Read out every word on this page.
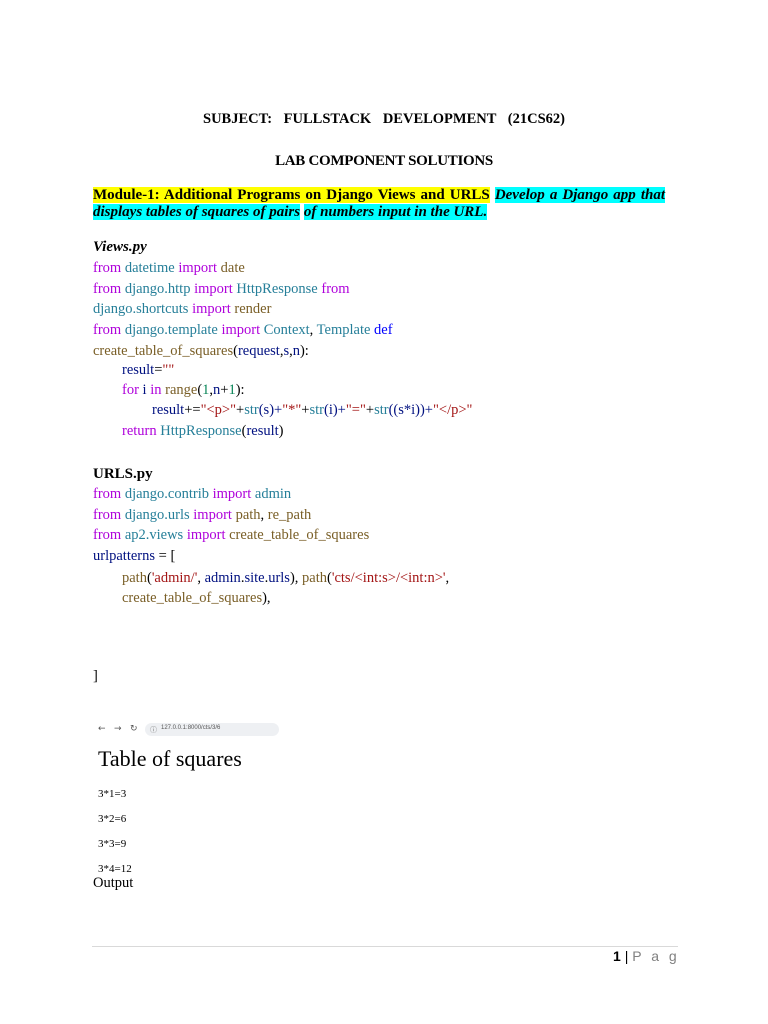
SUBJECT: FULLSTACK DEVELOPMENT (21CS62)
LAB COMPONENT SOLUTIONS
Module-1: Additional Programs on Django Views and URLS Develop a Django app that displays tables of squares of pairs of numbers input in the URL.
Views.py
from datetime import date
from django.http import HttpResponse from
django.shortcuts import render
from django.template import Context, Template def
create_table_of_squares(request,s,n):
result=""
for i in range(1,n+1):
result+="<p>"+str(s)+"*"+str(i)+"="+str((s*i))+"</p>"
return HttpResponse(result)
URLS.py
from django.contrib import admin
from django.urls import path, re_path
from ap2.views import create_table_of_squares
urlpatterns = [
path('admin/', admin.site.urls), path('cts/<int:s>/<int:n>',
create_table_of_squares),
]
← → ↻ ⓘ 127.0.0.1:8000/cts/3/6
Table of squares
3*1=3
3*2=6
3*3=9
3*4=12
Output
1 | P a g
